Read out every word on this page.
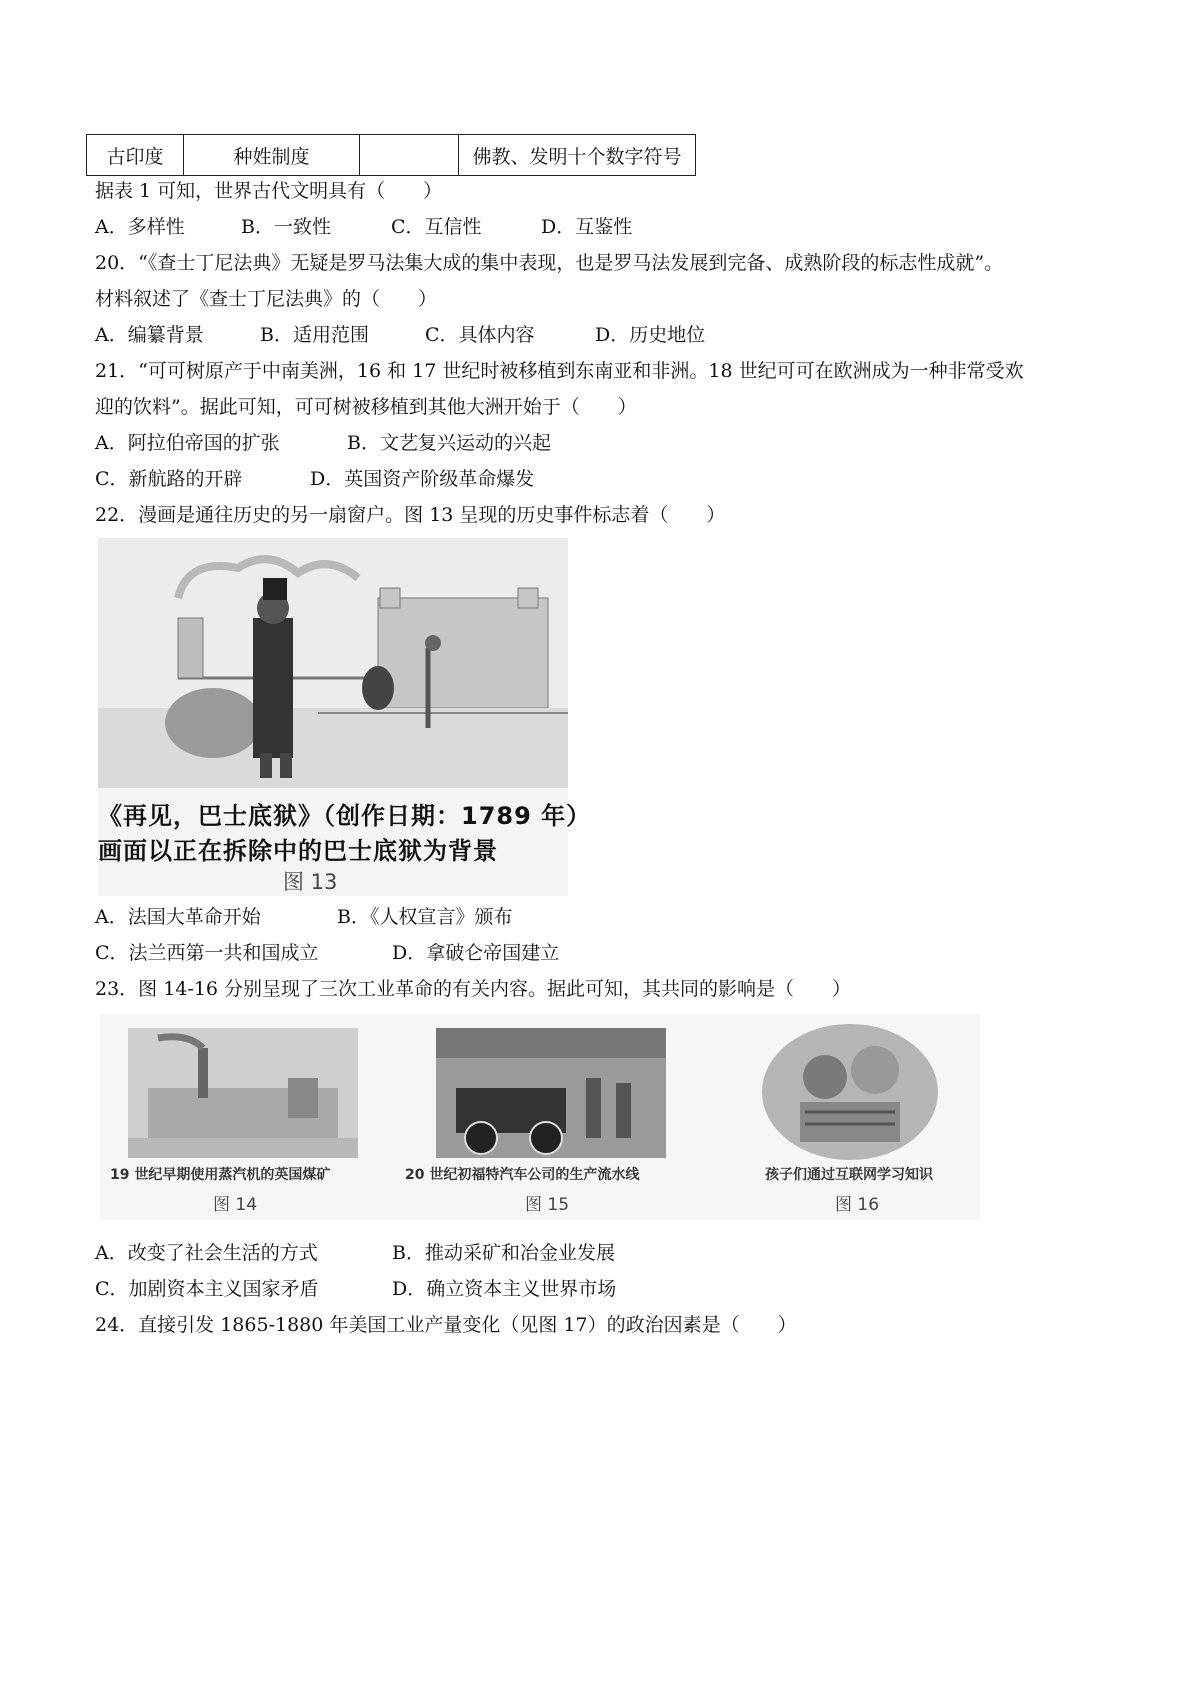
古印度	种姓制度		佛教、发明十个数字符号
据表 1 可知，世界古代文明具有（　　）
A．多样性	B．一致性	C．互信性	D．互鉴性
20．“《查士丁尼法典》无疑是罗马法集大成的集中表现，也是罗马法发展到完备、成熟阶段的标志性成就”。
材料叙述了《查士丁尼法典》的（　　）
A．编纂背景	B．适用范围	C．具体内容	D．历史地位
21．“可可树原产于中南美洲，16 和 17 世纪时被移植到东南亚和非洲。18 世纪可可在欧洲成为一种非常受欢
迎的饮料”。据此可知，可可树被移植到其他大洲开始于（　　）
A．阿拉伯帝国的扩张	B．文艺复兴运动的兴起
C．新航路的开辟	D．英国资产阶级革命爆发
22．漫画是通往历史的另一扇窗户。图 13 呈现的历史事件标志着（　　）
《再见，巴士底狱》（创作日期：1789 年）
画面以正在拆除中的巴士底狱为背景
图 13
A．法国大革命开始	B．《人权宣言》颁布
C．法兰西第一共和国成立	D．拿破仑帝国建立
23．图 14-16 分别呈现了三次工业革命的有关内容。据此可知，其共同的影响是（　　）
19 世纪早期使用蒸汽机的英国煤矿
图 14
20 世纪初福特汽车公司的生产流水线
图 15
孩子们通过互联网学习知识
图 16
A．改变了社会生活的方式	B．推动采矿和冶金业发展
C．加剧资本主义国家矛盾	D．确立资本主义世界市场
24．直接引发 1865-1880 年美国工业产量变化（见图 17）的政治因素是（　　）
